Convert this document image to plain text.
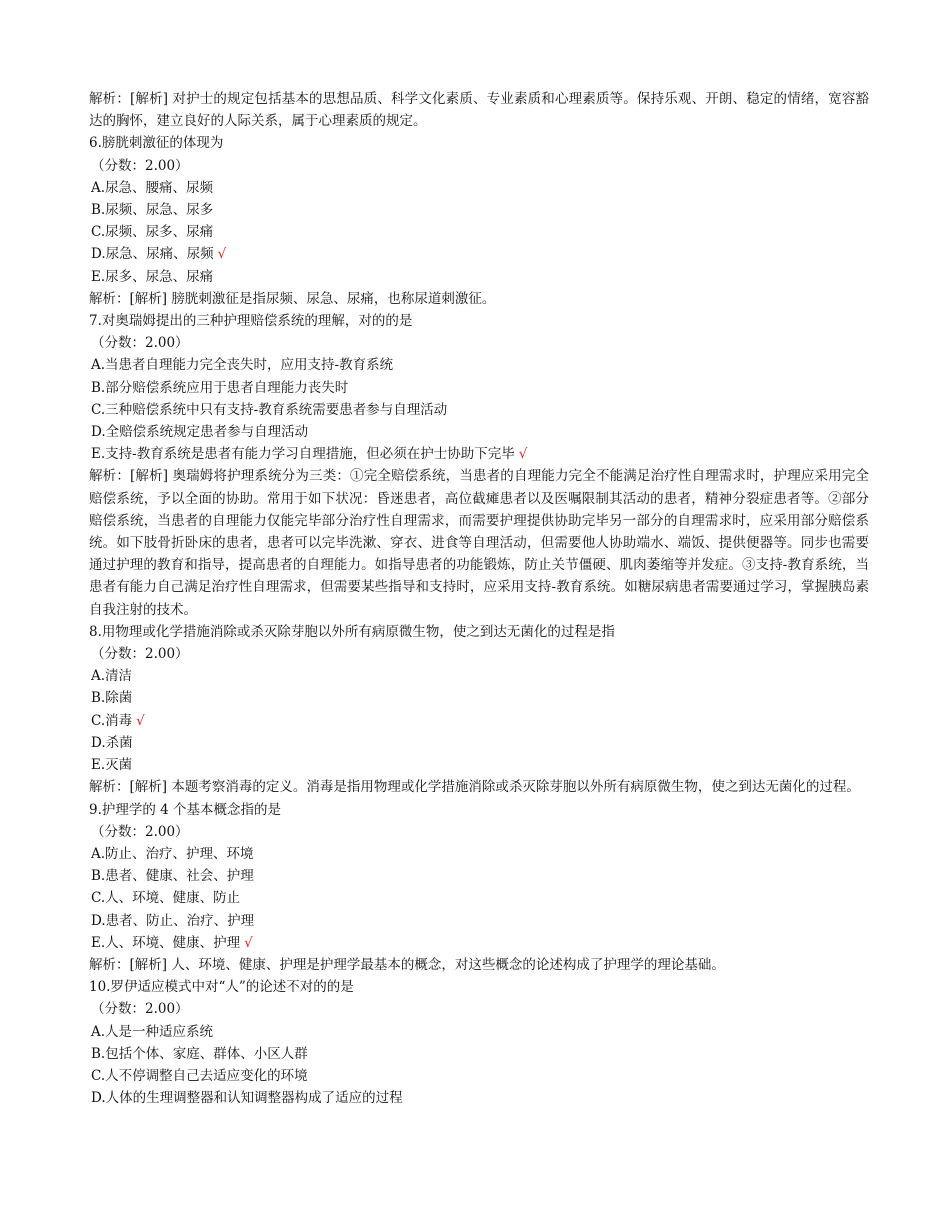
解析：[解析] 对护士的规定包括基本的思想品质、科学文化素质、专业素质和心理素质等。保持乐观、开朗、稳定的情绪，宽容豁达的胸怀，建立良好的人际关系，属于心理素质的规定。
6.膀胱刺激征的体现为
（分数：2.00）
A.尿急、腰痛、尿频
B.尿频、尿急、尿多
C.尿频、尿多、尿痛
D.尿急、尿痛、尿频 √
E.尿多、尿急、尿痛
解析：[解析] 膀胱刺激征是指尿频、尿急、尿痛，也称尿道刺激征。
7.对奥瑞姆提出的三种护理赔偿系统的理解，对的的是
（分数：2.00）
A.当患者自理能力完全丧失时，应用支持-教育系统
B.部分赔偿系统应用于患者自理能力丧失时
C.三种赔偿系统中只有支持-教育系统需要患者参与自理活动
D.全赔偿系统规定患者参与自理活动
E.支持-教育系统是患者有能力学习自理措施，但必须在护士协助下完毕 √
解析：[解析] 奥瑞姆将护理系统分为三类：①完全赔偿系统，当患者的自理能力完全不能满足治疗性自理需求时，护理应采用完全赔偿系统，予以全面的协助。常用于如下状况：昏迷患者，高位截瘫患者以及医嘱限制其活动的患者，精神分裂症患者等。②部分赔偿系统，当患者的自理能力仅能完毕部分治疗性自理需求，而需要护理提供协助完毕另一部分的自理需求时，应采用部分赔偿系统。如下肢骨折卧床的患者，患者可以完毕洗漱、穿衣、进食等自理活动，但需要他人协助端水、端饭、提供便器等。同步也需要通过护理的教育和指导，提高患者的自理能力。如指导患者的功能锻炼，防止关节僵硬、肌肉萎缩等并发症。③支持-教育系统，当患者有能力自己满足治疗性自理需求，但需要某些指导和支持时，应采用支持-教育系统。如糖尿病患者需要通过学习，掌握胰岛素自我注射的技术。
8.用物理或化学措施消除或杀灭除芽胞以外所有病原微生物，使之到达无菌化的过程是指
（分数：2.00）
A.清洁
B.除菌
C.消毒 √
D.杀菌
E.灭菌
解析：[解析] 本题考察消毒的定义。消毒是指用物理或化学措施消除或杀灭除芽胞以外所有病原微生物，使之到达无菌化的过程。
9.护理学的 4 个基本概念指的是
（分数：2.00）
A.防止、治疗、护理、环境
B.患者、健康、社会、护理
C.人、环境、健康、防止
D.患者、防止、治疗、护理
E.人、环境、健康、护理 √
解析：[解析] 人、环境、健康、护理是护理学最基本的概念，对这些概念的论述构成了护理学的理论基础。
10.罗伊适应模式中对“人”的论述不对的的是
（分数：2.00）
A.人是一种适应系统
B.包括个体、家庭、群体、小区人群
C.人不停调整自己去适应变化的环境
D.人体的生理调整器和认知调整器构成了适应的过程
